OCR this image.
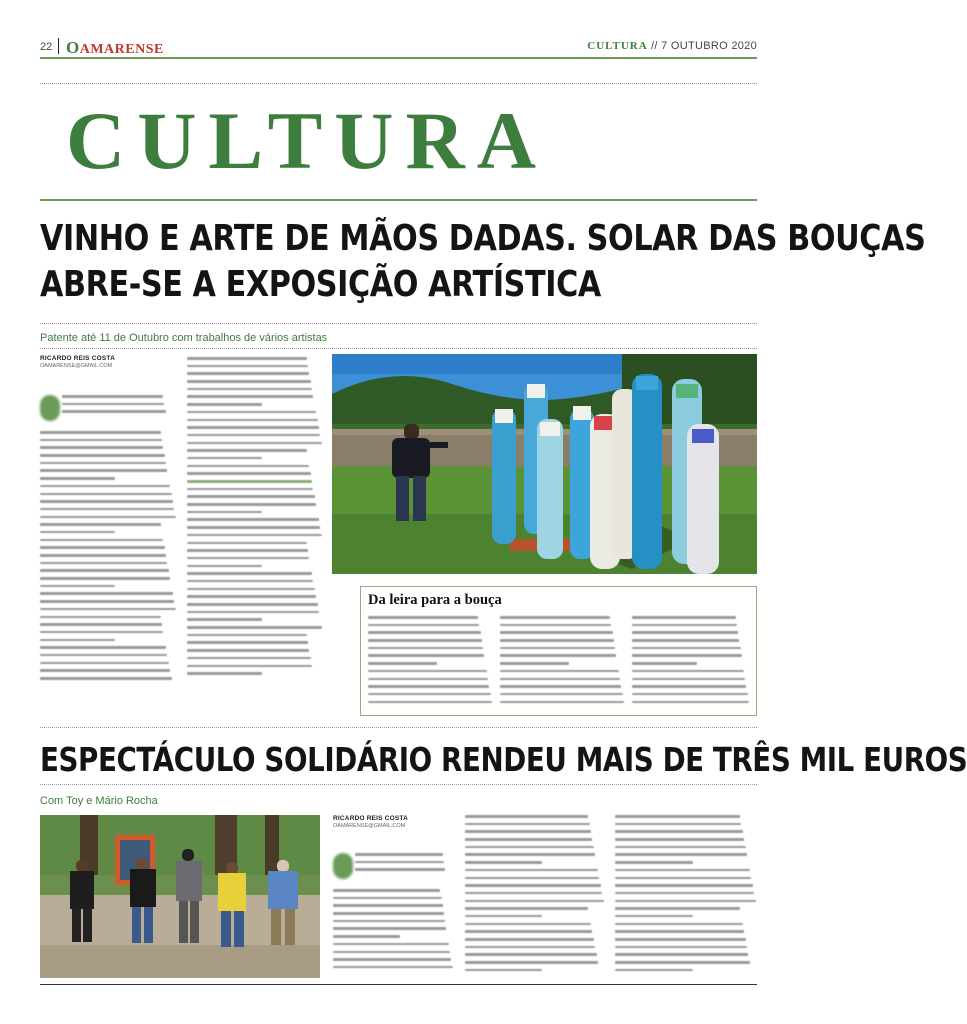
22 OAMARENSE	CULTURA // 7 OUTUBRO 2020
CULTURA
VINHO E ARTE DE MÃOS DADAS. SOLAR DAS BOUÇAS
ABRE-SE A EXPOSIÇÃO ARTÍSTICA
Patente até 11 de Outubro com trabalhos de vários artistas
RICARDO REIS COSTA
OAMARENSE@GMAIL.COM
Da leira para a bouça
ESPECTÁCULO SOLIDÁRIO RENDEU MAIS DE TRÊS MIL EUROS
Com Toy e Mário Rocha
RICARDO REIS COSTA
OAMARENSE@GMAIL.COM
